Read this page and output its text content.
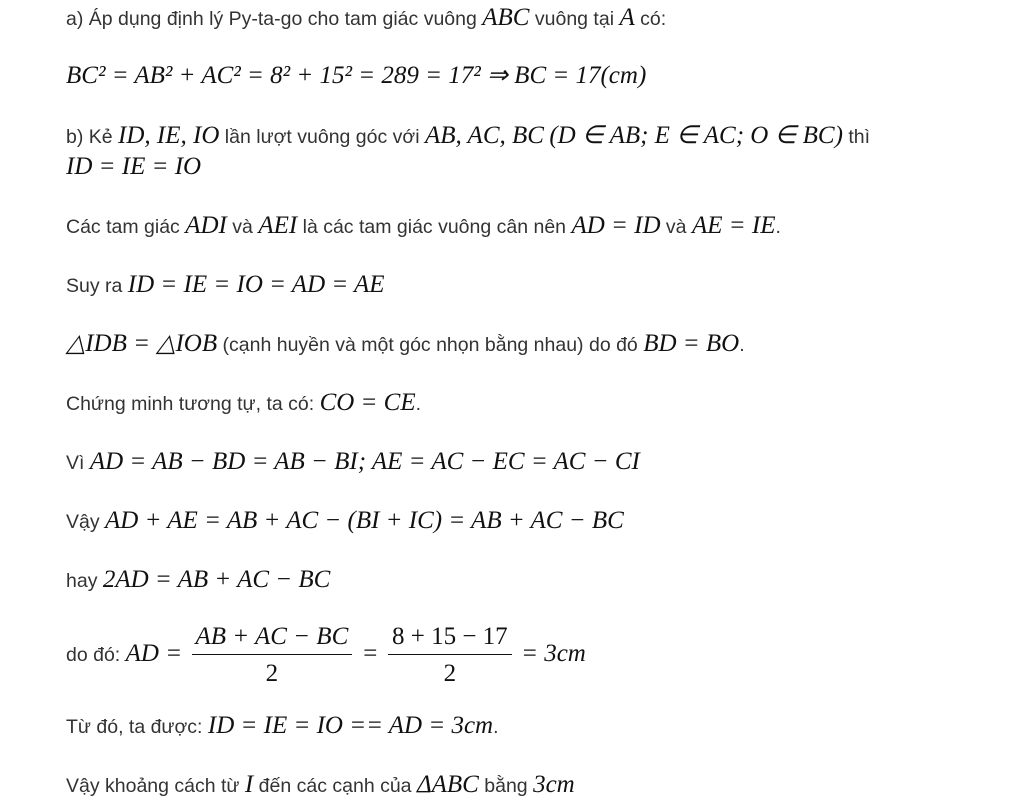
a) Áp dụng định lý Py-ta-go cho tam giác vuông ABC vuông tại A có:
BC² = AB² + AC² = 8² + 15² = 289 = 17² ⇒ BC = 17(cm)
b) Kẻ ID, IE, IO lần lượt vuông góc với AB, AC, BC (D ∈ AB; E ∈ AC; O ∈ BC) thì
ID = IE = IO
Các tam giác ADI và AEI là các tam giác vuông cân nên AD = ID và AE = IE.
Suy ra ID = IE = IO = AD = AE
△IDB = △IOB (cạnh huyền và một góc nhọn bằng nhau) do đó BD = BO.
Chứng minh tương tự, ta có: CO = CE.
Vì AD = AB − BD = AB − BI; AE = AC − EC = AC − CI
Vậy AD + AE = AB + AC − (BI + IC) = AB + AC − BC
hay 2AD = AB + AC − BC
do đó: AD = $\frac{AB + AC - BC}{2} = \frac{8 + 15 - 17}{2} = 3cm$
Từ đó, ta được: ID = IE = IO == AD = 3cm.
Vậy khoảng cách từ I đến các cạnh của ΔABC bằng 3cm
